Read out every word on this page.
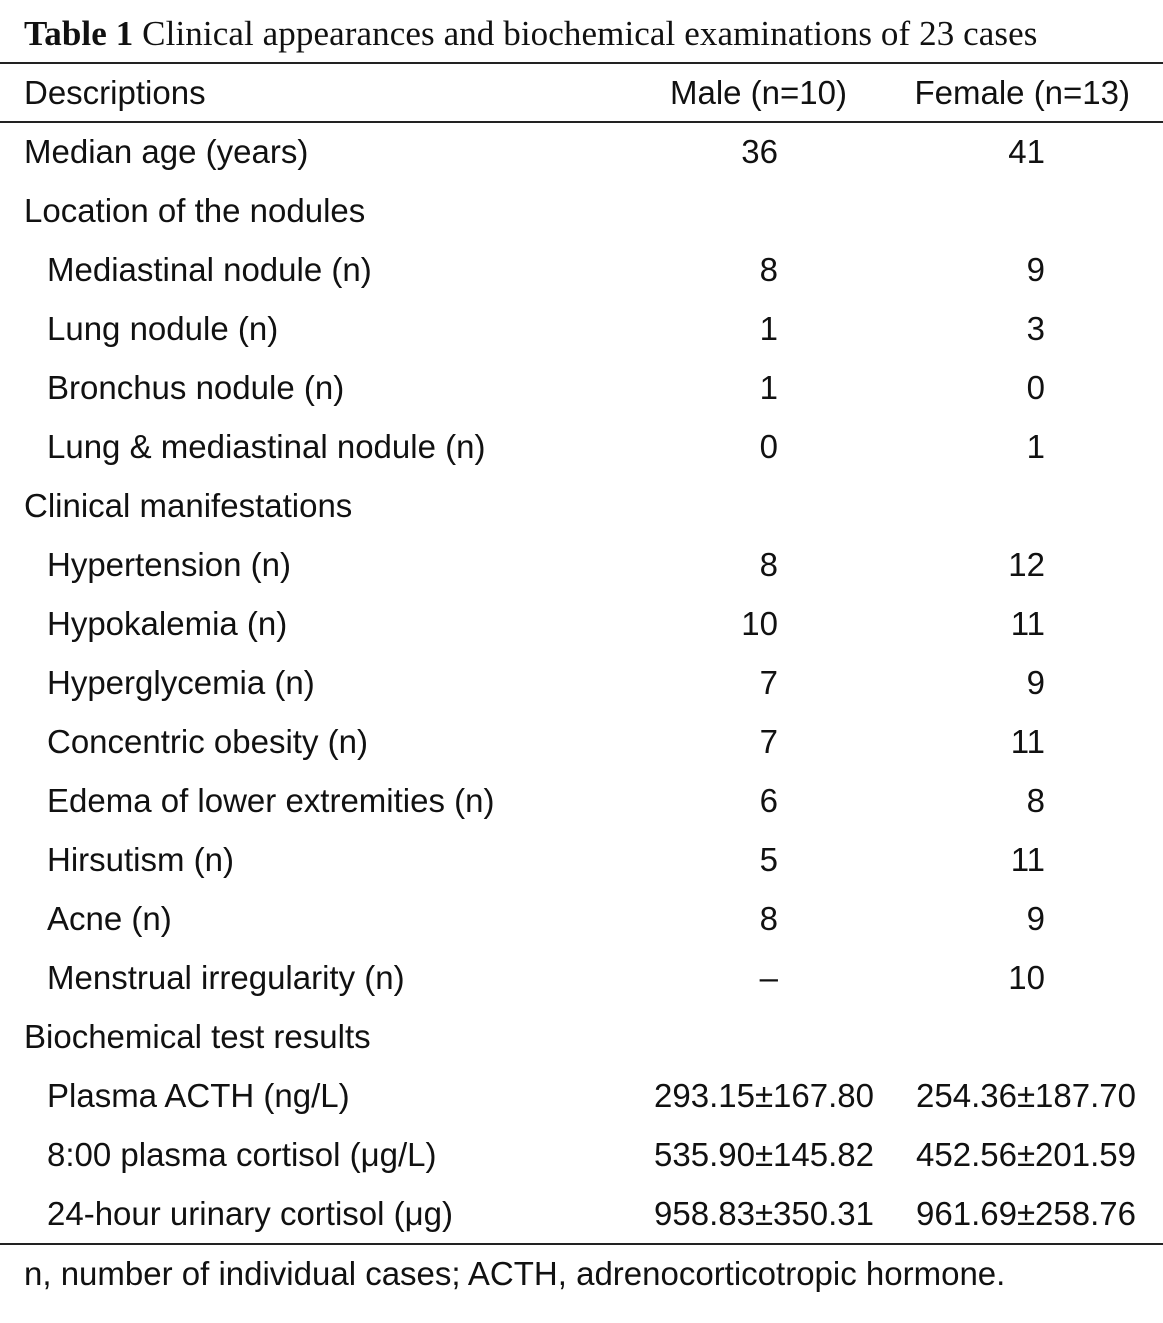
Table 1 Clinical appearances and biochemical examinations of 23 cases
Descriptions	Male (n=10) Female (n=13)
Median age (years)	36	41
Location of the nodules
Mediastinal nodule (n)	8	9
Lung nodule (n)	1	3
Bronchus nodule (n)	1	0
Lung & mediastinal nodule (n)	0	1
Clinical manifestations
Hypertension (n)	8	12
Hypokalemia (n)	10	11
Hyperglycemia (n)	7	9
Concentric obesity (n)	7	11
Edema of lower extremities (n)	6	8
Hirsutism (n)	5	11
Acne (n)	8	9
Menstrual irregularity (n)	–	10
Biochemical test results
Plasma ACTH (ng/L)	293.15±167.80 254.36±187.70
8:00 plasma cortisol (μg/L)	535.90±145.82 452.56±201.59
24-hour urinary cortisol (μg)	958.83±350.31 961.69±258.76
n, number of individual cases; ACTH, adrenocorticotropic hormone.
